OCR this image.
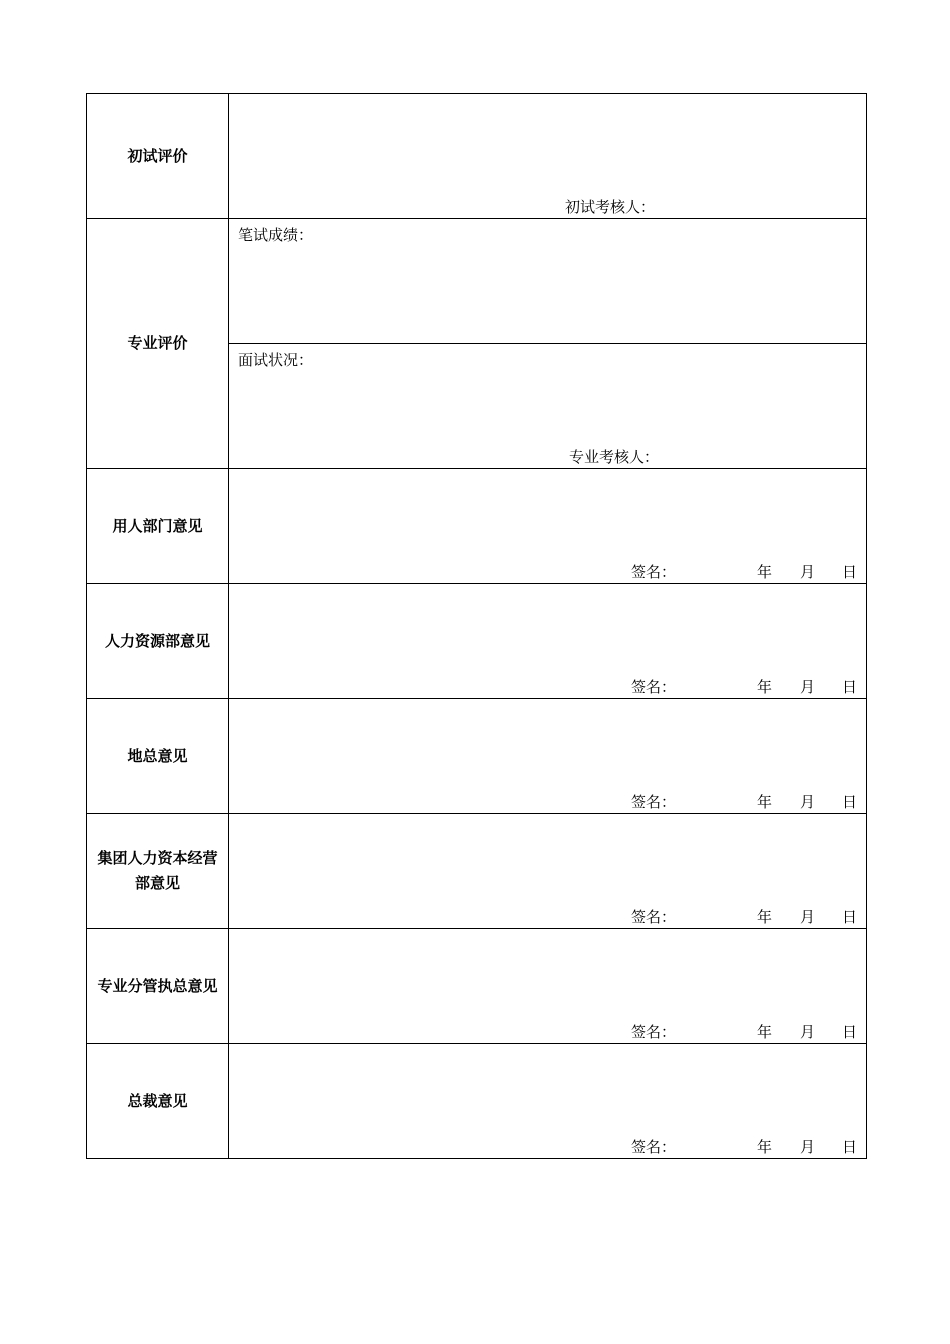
初试评价	初试考核人：

专业评价	笔试成绩：

	面试状况：
专业考核人：

用人部门意见	签名： 年 月 日

人力资源部意见	签名： 年 月 日

地总意见	签名： 年 月 日

集团人力资本经营部意见	签名： 年 月 日

专业分管执总意见	签名： 年 月 日

总裁意见	签名： 年 月 日
